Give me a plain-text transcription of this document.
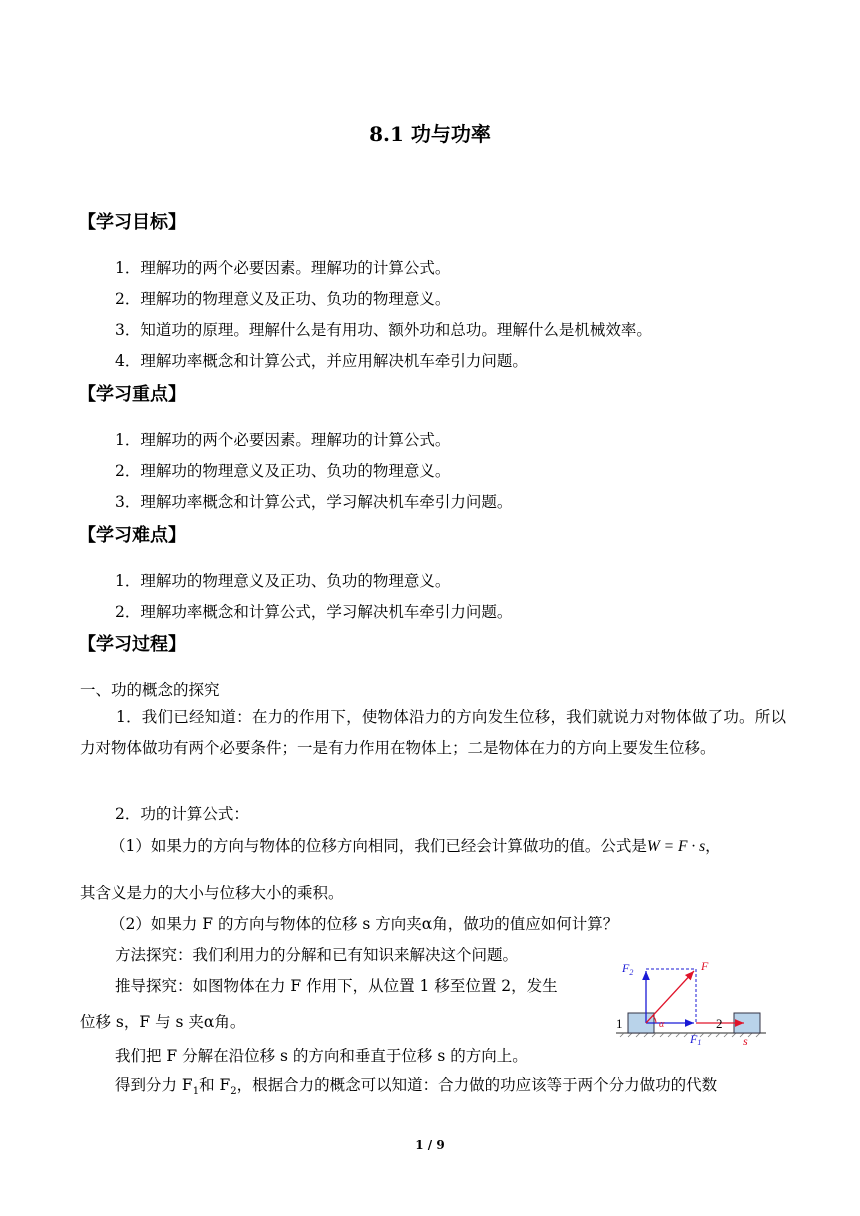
8.1 功与功率
【学习目标】
1．理解功的两个必要因素。理解功的计算公式。
2．理解功的物理意义及正功、负功的物理意义。
3．知道功的原理。理解什么是有用功、额外功和总功。理解什么是机械效率。
4．理解功率概念和计算公式，并应用解决机车牵引力问题。
【学习重点】
1．理解功的两个必要因素。理解功的计算公式。
2．理解功的物理意义及正功、负功的物理意义。
3．理解功率概念和计算公式，学习解决机车牵引力问题。
【学习难点】
1．理解功的物理意义及正功、负功的物理意义。
2．理解功率概念和计算公式，学习解决机车牵引力问题。
【学习过程】
一、功的概念的探究
1．我们已经知道：在力的作用下，使物体沿力的方向发生位移，我们就说力对物体做了功。所以力对物体做功有两个必要条件；一是有力作用在物体上；二是物体在力的方向上要发生位移。
2．功的计算公式：
（1）如果力的方向与物体的位移方向相同，我们已经会计算做功的值。公式是W = F · s，
其含义是力的大小与位移大小的乘积。
（2）如果力 F 的方向与物体的位移 s 方向夹α角，做功的值应如何计算？
方法探究：我们利用力的分解和已有知识来解决这个问题。
推导探究：如图物体在力 F 作用下，从位置 1 移至位置 2，发生
位移 s，F 与 s 夹α角。
我们把 F 分解在沿位移 s 的方向和垂直于位移 s 的方向上。
得到分力 $F_1$和 $F_2$，根据合力的概念可以知道：合力做的功应该等于两个分力做功的代数
$F_2$	F
F1
α
1	2
s
1 / 9
